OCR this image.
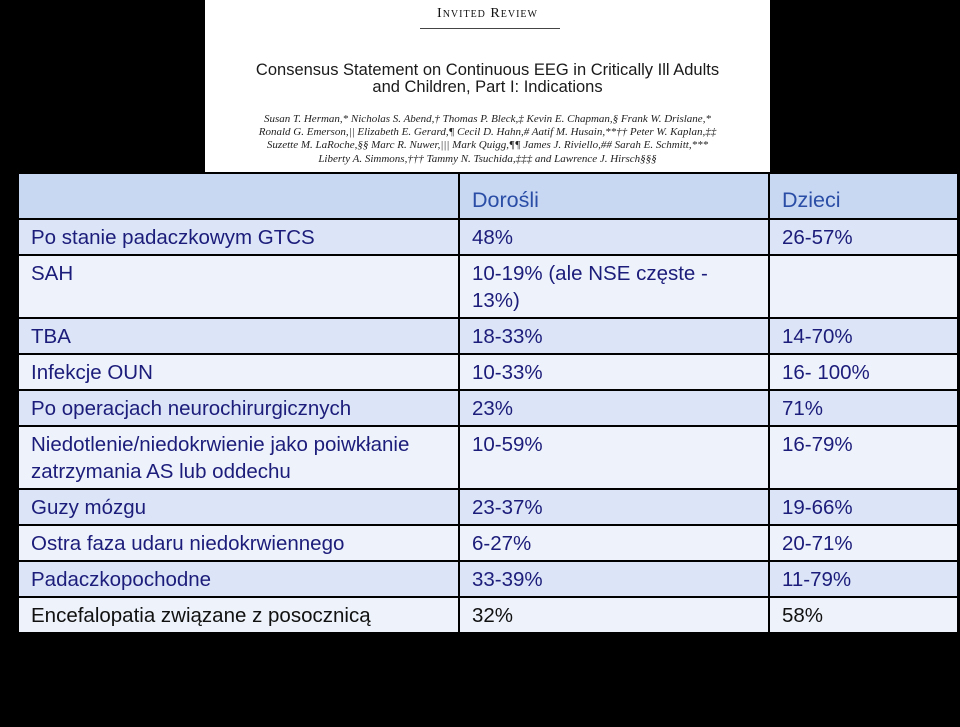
Invited Review
Consensus Statement on Continuous EEG in Critically Ill Adults
and Children, Part I: Indications
Susan T. Herman,* Nicholas S. Abend,† Thomas P. Bleck,‡ Kevin E. Chapman,§ Frank W. Drislane,*
Ronald G. Emerson,|| Elizabeth E. Gerard,¶ Cecil D. Hahn,# Aatif M. Husain,**†† Peter W. Kaplan,‡‡
Suzette M. LaRoche,§§ Marc R. Nuwer,||| Mark Quigg,¶¶ James J. Riviello,## Sarah E. Schmitt,***
Liberty A. Simmons,††† Tammy N. Tsuchida,‡‡‡ and Lawrence J. Hirsch§§§
	Dorośli	Dzieci
Po stanie padaczkowym GTCS	48%	26-57%
SAH	10-19% (ale NSE częste - 13%)	
TBA	18-33%	14-70%
Infekcje OUN	10-33%	16- 100%
Po operacjach neurochirurgicznych	23%	71%
Niedotlenie/niedokrwienie jako poiwkłanie zatrzymania AS lub oddechu	10-59%	16-79%
Guzy mózgu	23-37%	19-66%
Ostra faza udaru niedokrwiennego	6-27%	20-71%
Padaczkopochodne	33-39%	11-79%
Encefalopatia związane z posocznicą	32%	58%
